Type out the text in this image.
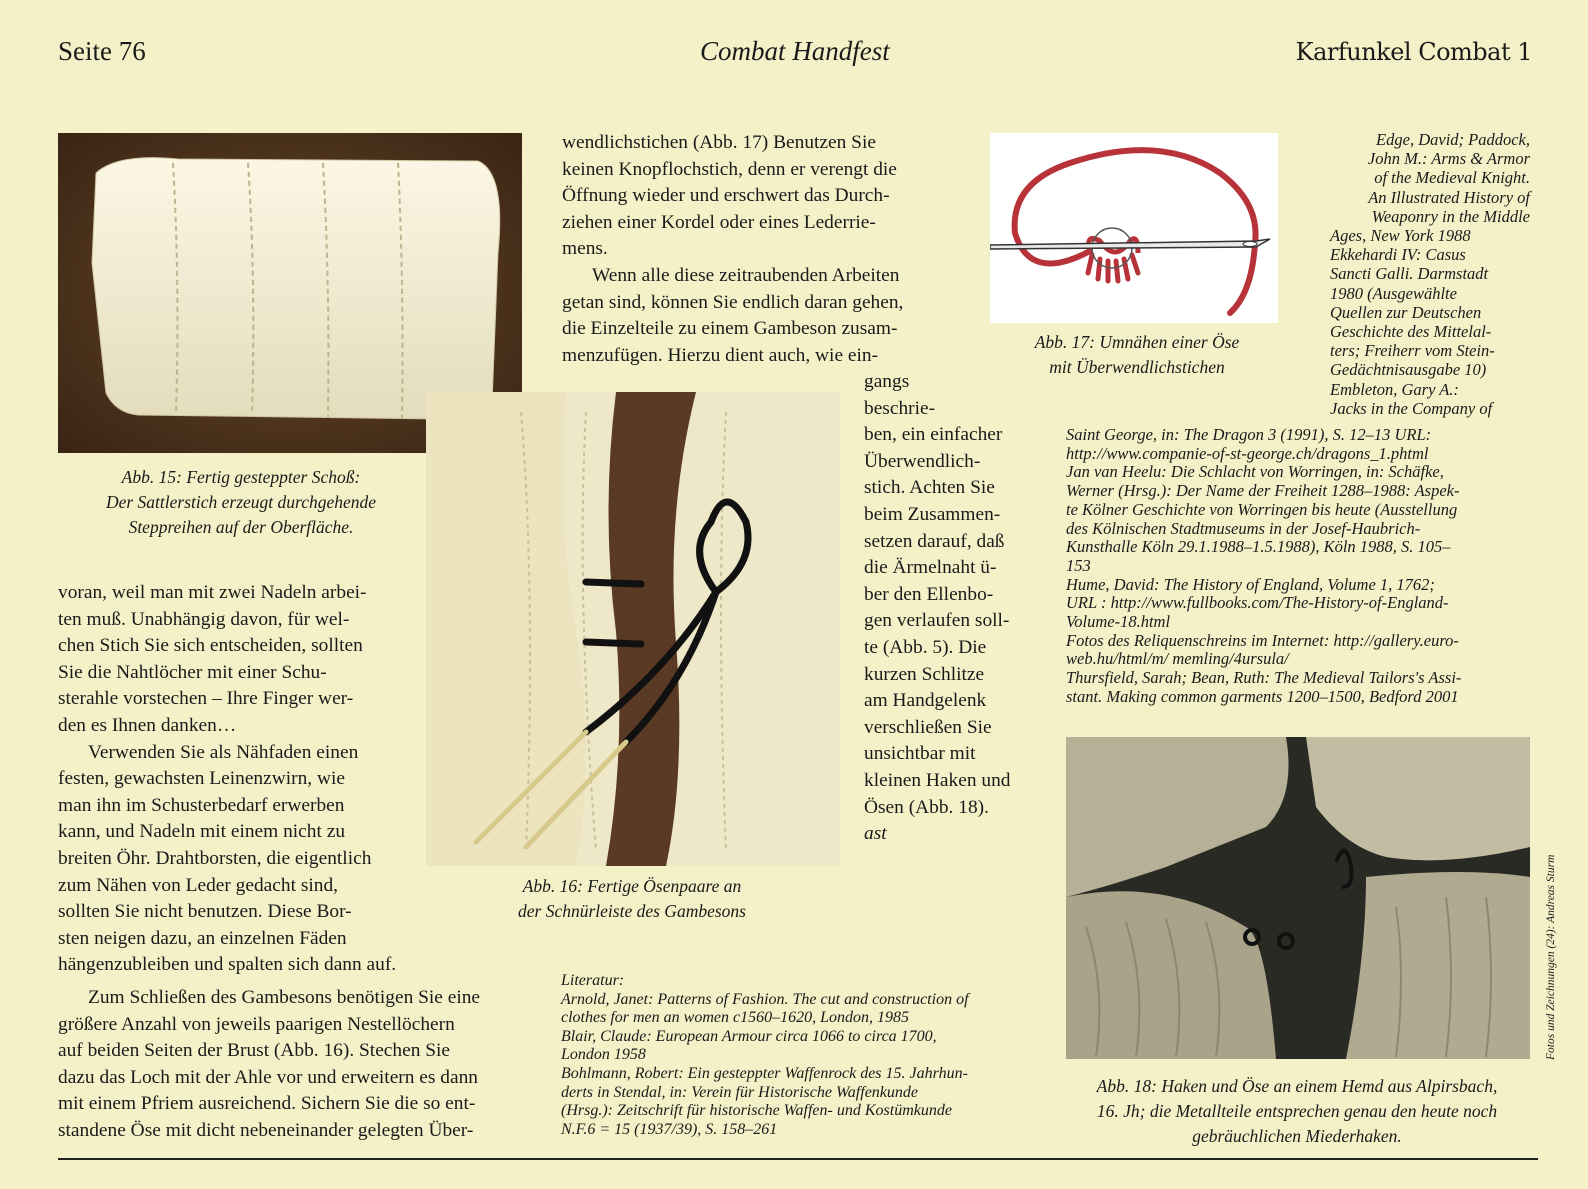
Seite 76	Combat Handfest	Karfunkel Combat 1
Abb. 15: Fertig gesteppter Schoß:
Der Sattlerstich erzeugt durchgehende
Steppreihen auf der Oberfläche.
voran, weil man mit zwei Nadeln arbei-
ten muß. Unabhängig davon, für wel-
chen Stich Sie sich entscheiden, sollten
Sie die Nahtlöcher mit einer Schu-
sterahle vorstechen – Ihre Finger wer-
den es Ihnen danken…
Verwenden Sie als Nähfaden einen
festen, gewachsten Leinenzwirn, wie
man ihn im Schusterbedarf erwerben
kann, und Nadeln mit einem nicht zu
breiten Öhr. Drahtborsten, die eigentlich
zum Nähen von Leder gedacht sind,
sollten Sie nicht benutzen. Diese Bor-
sten neigen dazu, an einzelnen Fäden
hängenzubleiben und spalten sich dann auf.
Zum Schließen des Gambesons benötigen Sie eine
größere Anzahl von jeweils paarigen Nestellöchern
auf beiden Seiten der Brust (Abb. 16). Stechen Sie
dazu das Loch mit der Ahle vor und erweitern es dann
mit einem Pfriem ausreichend. Sichern Sie die so ent-
standene Öse mit dicht nebeneinander gelegten Über-
wendlichstichen (Abb. 17) Benutzen Sie
keinen Knopflochstich, denn er verengt die
Öffnung wieder und erschwert das Durch-
ziehen einer Kordel oder eines Lederrie-
mens.
Wenn alle diese zeitraubenden Arbeiten
getan sind, können Sie endlich daran gehen,
die Einzelteile zu einem Gambeson zusam-
menzufügen. Hierzu dient auch, wie ein-
gangs
beschrie-
ben, ein einfacher
Überwendlich-
stich. Achten Sie
beim Zusammen-
setzen darauf, daß
die Ärmelnaht ü-
ber den Ellenbo-
gen verlaufen soll-
te (Abb. 5). Die
kurzen Schlitze
am Handgelenk
verschließen Sie
unsichtbar mit
kleinen Haken und
Ösen (Abb. 18).
ast
Abb. 16: Fertige Ösenpaare an
der Schnürleiste des Gambesons

Literatur:

Arnold, Janet: Patterns of Fashion. The cut and construction of

clothes for men an women c1560–1620, London, 1985

Blair, Claude: European Armour circa 1066 to circa 1700,

London 1958

Bohlmann, Robert: Ein gesteppter Waffenrock des 15. Jahrhun-

derts in Stendal, in: Verein für Historische Waffenkunde

(Hrsg.): Zeitschrift für historische Waffen- und Kostümkunde

N.F.6 = 15 (1937/39), S. 158–261

Abb. 17: Umnähen einer Öse
mit Überwendlichstichen

Edge, David; Paddock,

John M.: Arms & Armor

of the Medieval Knight.

An Illustrated History of

Weaponry in the Middle

Ages, New York 1988

Ekkehardi IV: Casus

Sancti Galli. Darmstadt

1980 (Ausgewählte

Quellen zur Deutschen

Geschichte des Mittelal-

ters; Freiherr vom Stein-

Gedächtnisausgabe 10)

Embleton, Gary A.:

Jacks in the Company of

Saint George, in: The Dragon 3 (1991), S. 12–13 URL:

http://www.companie-of-st-george.ch/dragons_1.phtml

Jan van Heelu: Die Schlacht von Worringen, in: Schäfke,

Werner (Hrsg.): Der Name der Freiheit 1288–1988: Aspek-

te Kölner Geschichte von Worringen bis heute (Ausstellung

des Kölnischen Stadtmuseums in der Josef-Haubrich-

Kunsthalle Köln 29.1.1988–1.5.1988), Köln 1988, S. 105–

153

Hume, David: The History of England, Volume 1, 1762;

URL : http://www.fullbooks.com/The-History-of-England-

Volume-18.html

Fotos des Reliquenschreins im Internet: http://gallery.euro-

web.hu/html/m/ memling/4ursula/

Thursfield, Sarah; Bean, Ruth: The Medieval Tailors's Assi-

stant. Making common garments 1200–1500, Bedford 2001

Fotos und Zeichnungen (24): Andreas Sturm
Abb. 18: Haken und Öse an einem Hemd aus Alpirsbach,
16. Jh; die Metallteile entsprechen genau den heute noch
gebräuchlichen Miederhaken.
